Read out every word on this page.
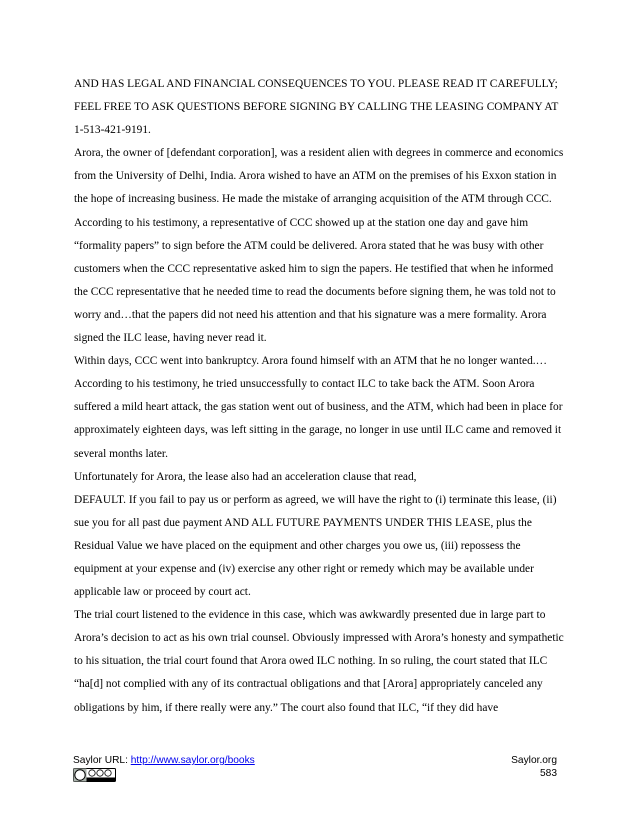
AND HAS LEGAL AND FINANCIAL CONSEQUENCES TO YOU. PLEASE READ IT CAREFULLY; FEEL FREE TO ASK QUESTIONS BEFORE SIGNING BY CALLING THE LEASING COMPANY AT 1-513-421-9191.

Arora, the owner of [defendant corporation], was a resident alien with degrees in commerce and economics from the University of Delhi, India. Arora wished to have an ATM on the premises of his Exxon station in the hope of increasing business. He made the mistake of arranging acquisition of the ATM through CCC. According to his testimony, a representative of CCC showed up at the station one day and gave him “formality papers” to sign before the ATM could be delivered. Arora stated that he was busy with other customers when the CCC representative asked him to sign the papers. He testified that when he informed the CCC representative that he needed time to read the documents before signing them, he was told not to worry and…that the papers did not need his attention and that his signature was a mere formality. Arora signed the ILC lease, having never read it.

Within days, CCC went into bankruptcy. Arora found himself with an ATM that he no longer wanted.…According to his testimony, he tried unsuccessfully to contact ILC to take back the ATM. Soon Arora suffered a mild heart attack, the gas station went out of business, and the ATM, which had been in place for approximately eighteen days, was left sitting in the garage, no longer in use until ILC came and removed it several months later.

Unfortunately for Arora, the lease also had an acceleration clause that read,

DEFAULT. If you fail to pay us or perform as agreed, we will have the right to (i) terminate this lease, (ii) sue you for all past due payment AND ALL FUTURE PAYMENTS UNDER THIS LEASE, plus the Residual Value we have placed on the equipment and other charges you owe us, (iii) repossess the equipment at your expense and (iv) exercise any other right or remedy which may be available under applicable law or proceed by court act.

The trial court listened to the evidence in this case, which was awkwardly presented due in large part to Arora’s decision to act as his own trial counsel. Obviously impressed with Arora’s honesty and sympathetic to his situation, the trial court found that Arora owed ILC nothing. In so ruling, the court stated that ILC “ha[d] not complied with any of its contractual obligations and that [Arora] appropriately canceled any obligations by him, if there really were any.” The court also found that ILC, “if they did have

Saylor URL: http://www.saylor.org/books	Saylor.org
583
